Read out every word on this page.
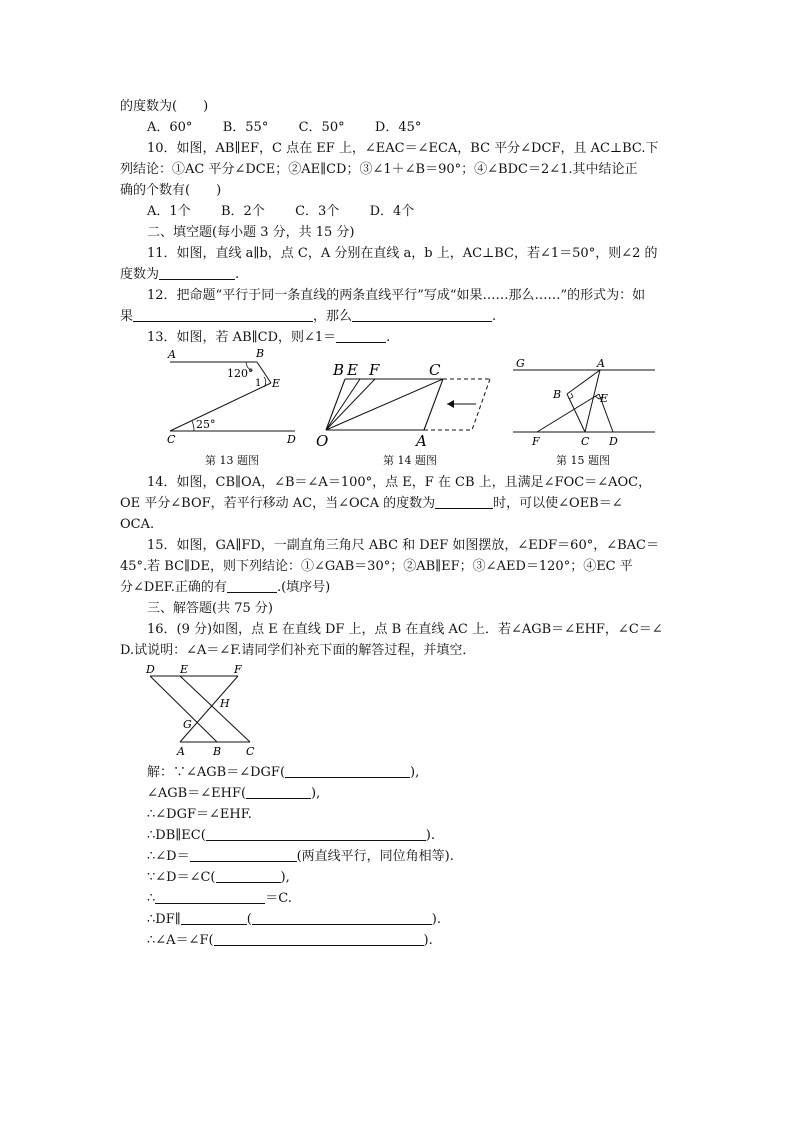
的度数为(　　)
A．60° B．55° C．50° D．45°
10．如图，AB∥EF，C 点在 EF 上，∠EAC＝∠ECA，BC 平分∠DCF，且 AC⊥BC.下
列结论：①AC 平分∠DCE；②AE∥CD；③∠1＋∠B＝90°；④∠BDC＝2∠1.其中结论正
确的个数有(　　)
A．1个 B．2个 C．3个 D．4个
二、填空题(每小题 3 分，共 15 分)
11．如图，直线 a∥b，点 C，A 分别在直线 a，b 上，AC⊥BC，若∠1＝50°，则∠2 的
度数为	.
12．把命题“平行于同一条直线的两条直线平行”写成“如果……那么……”的形式为：如
果	，那么	.
13．如图，若 AB∥CD，则∠1＝	.
A	B
120°
1 E
25°
C	D
第 13 题图
B E F	C
O	A
第 14 题图
G	A
B	E
F	C D
第 15 题图
14．如图，CB∥OA，∠B＝∠A＝100°，点 E，F 在 CB 上，且满足∠FOC＝∠AOC，
OE 平分∠BOF，若平行移动 AC，当∠OCA 的度数为	时，可以使∠OEB＝∠
OCA.
15．如图，GA∥FD，一副直角三角尺 ABC 和 DEF 如图摆放，∠EDF＝60°，∠BAC＝
45°.若 BC∥DE，则下列结论：①∠GAB＝30°；②AB∥EF；③∠AED＝120°；④EC 平
分∠DEF.正确的有	.(填序号)
三、解答题(共 75 分)
16．(9 分)如图，点 E 在直线 DF 上，点 B 在直线 AC 上．若∠AGB＝∠EHF，∠C＝∠
D.试说明：∠A＝∠F.请同学们补充下面的解答过程，并填空．
D E	F
H
G
A	B C
解：∵∠AGB＝∠DGF(	),
∠AGB＝∠EHF(	),
∴∠DGF＝∠EHF.
∴DB∥EC(	).
∴∠D＝	(两直线平行，同位角相等).
∵∠D＝∠C(	),
∴	＝C.
∴DF∥	(	).
∴∠A＝∠F(	).
